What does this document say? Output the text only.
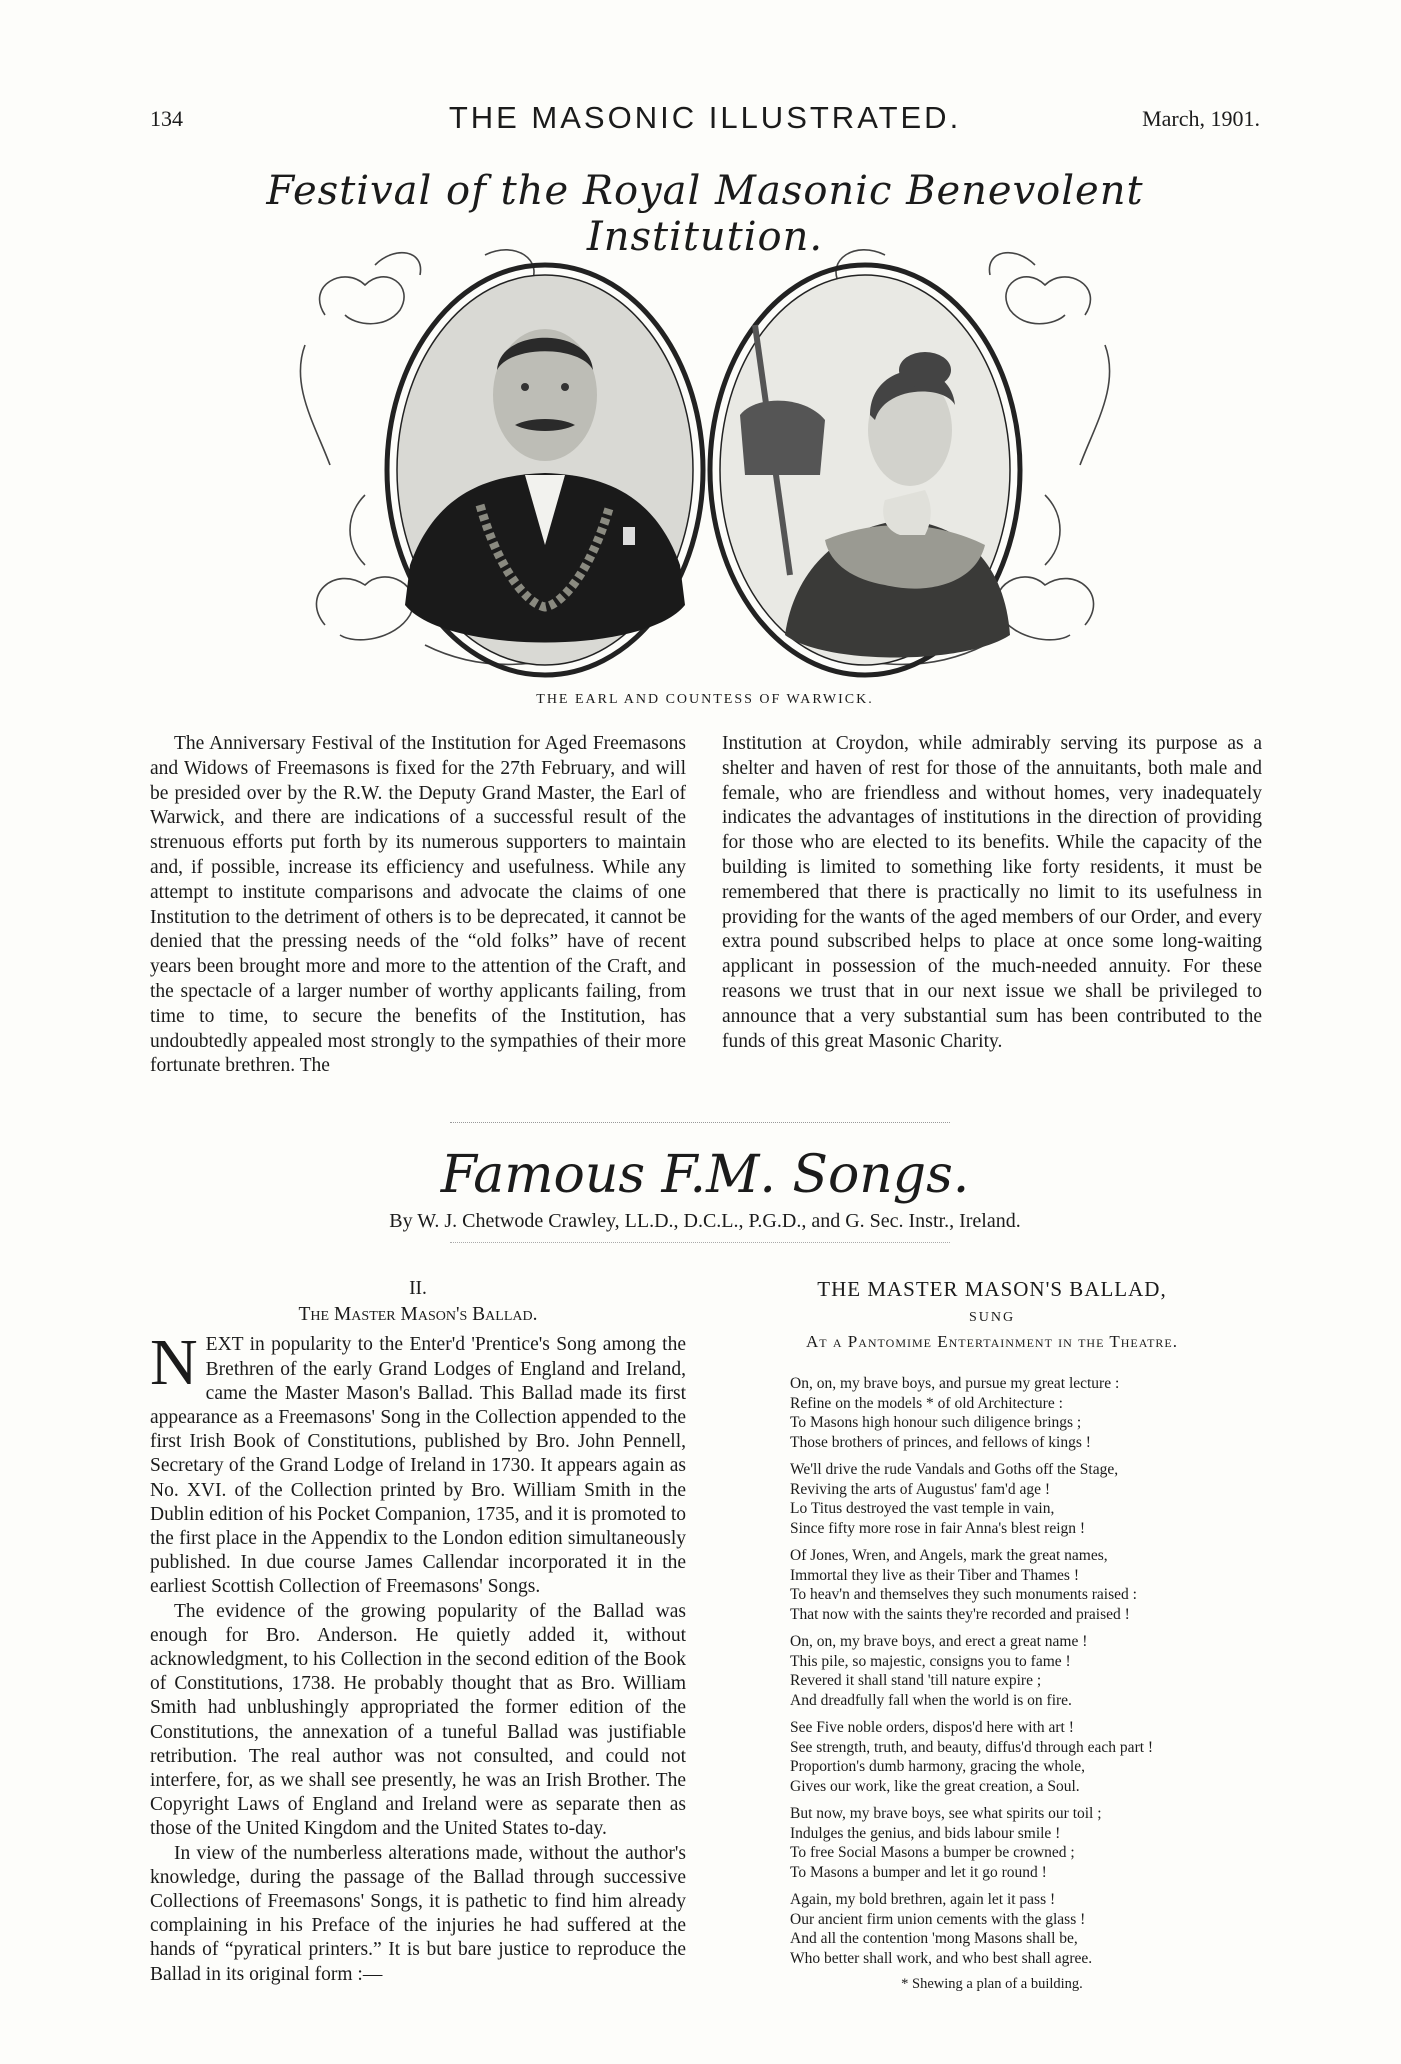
134	THE MASONIC ILLUSTRATED.	March, 1901.
Festival of the Royal Masonic Benevolent Institution.
THE EARL AND COUNTESS OF WARWICK.

The Anniversary Festival of the Institution for Aged Freemasons and Widows of Freemasons is fixed for the 27th February, and will be presided over by the R.W. the Deputy Grand Master, the Earl of Warwick, and there are indications of a successful result of the strenuous efforts put forth by its numerous supporters to maintain and, if possible, increase its efficiency and usefulness. While any attempt to institute comparisons and advocate the claims of one Institution to the detriment of others is to be deprecated, it cannot be denied that the pressing needs of the “old folks” have of recent years been brought more and more to the attention of the Craft, and the spectacle of a larger number of worthy applicants failing, from time to time, to secure the benefits of the Institution, has undoubtedly appealed most strongly to the sympathies of their more fortunate brethren. The

Institution at Croydon, while admirably serving its purpose as a shelter and haven of rest for those of the annuitants, both male and female, who are friendless and without homes, very inadequately indicates the advantages of institutions in the direction of providing for those who are elected to its benefits. While the capacity of the building is limited to something like forty residents, it must be remembered that there is practically no limit to its usefulness in providing for the wants of the aged members of our Order, and every extra pound subscribed helps to place at once some long-waiting applicant in possession of the much-needed annuity. For these reasons we trust that in our next issue we shall be privileged to announce that a very substantial sum has been contributed to the funds of this great Masonic Charity.

Famous F.M. Songs.
By W. J. Chetwode Crawley, LL.D., D.C.L., P.G.D., and G. Sec. Instr., Ireland.
II.
The Master Mason's Ballad.

NEXT in popularity to the Enter'd 'Prentice's Song among the Brethren of the early Grand Lodges of England and Ireland, came the Master Mason's Ballad. This Ballad made its first appearance as a Freemasons' Song in the Collection appended to the first Irish Book of Constitutions, published by Bro. John Pennell, Secretary of the Grand Lodge of Ireland in 1730. It appears again as No. XVI. of the Collection printed by Bro. William Smith in the Dublin edition of his Pocket Companion, 1735, and it is promoted to the first place in the Appendix to the London edition simultaneously published. In due course James Callendar incorporated it in the earliest Scottish Collection of Freemasons' Songs.

The evidence of the growing popularity of the Ballad was enough for Bro. Anderson. He quietly added it, without acknowledgment, to his Collection in the second edition of the Book of Constitutions, 1738. He probably thought that as Bro. William Smith had unblushingly appropriated the former edition of the Constitutions, the annexation of a tuneful Ballad was justifiable retribution. The real author was not consulted, and could not interfere, for, as we shall see presently, he was an Irish Brother. The Copyright Laws of England and Ireland were as separate then as those of the United Kingdom and the United States to-day.

In view of the numberless alterations made, without the author's knowledge, during the passage of the Ballad through successive Collections of Freemasons' Songs, it is pathetic to find him already complaining in his Preface of the injuries he had suffered at the hands of “pyratical printers.” It is but bare justice to reproduce the Ballad in its original form :—

THE MASTER MASON'S BALLAD,
SUNG
At a Pantomime Entertainment in the Theatre.
On, on, my brave boys, and pursue my great lecture :
Refine on the models * of old Architecture :
To Masons high honour such diligence brings ;
Those brothers of princes, and fellows of kings !
We'll drive the rude Vandals and Goths off the Stage,
Reviving the arts of Augustus' fam'd age !
Lo Titus destroyed the vast temple in vain,
Since fifty more rose in fair Anna's blest reign !
Of Jones, Wren, and Angels, mark the great names,
Immortal they live as their Tiber and Thames !
To heav'n and themselves they such monuments raised :
That now with the saints they're recorded and praised !
On, on, my brave boys, and erect a great name !
This pile, so majestic, consigns you to fame !
Revered it shall stand 'till nature expire ;
And dreadfully fall when the world is on fire.
See Five noble orders, dispos'd here with art !
See strength, truth, and beauty, diffus'd through each part !
Proportion's dumb harmony, gracing the whole,
Gives our work, like the great creation, a Soul.
But now, my brave boys, see what spirits our toil ;
Indulges the genius, and bids labour smile !
To free Social Masons a bumper be crowned ;
To Masons a bumper and let it go round !
Again, my bold brethren, again let it pass !
Our ancient firm union cements with the glass !
And all the contention 'mong Masons shall be,
Who better shall work, and who best shall agree.
* Shewing a plan of a building.
